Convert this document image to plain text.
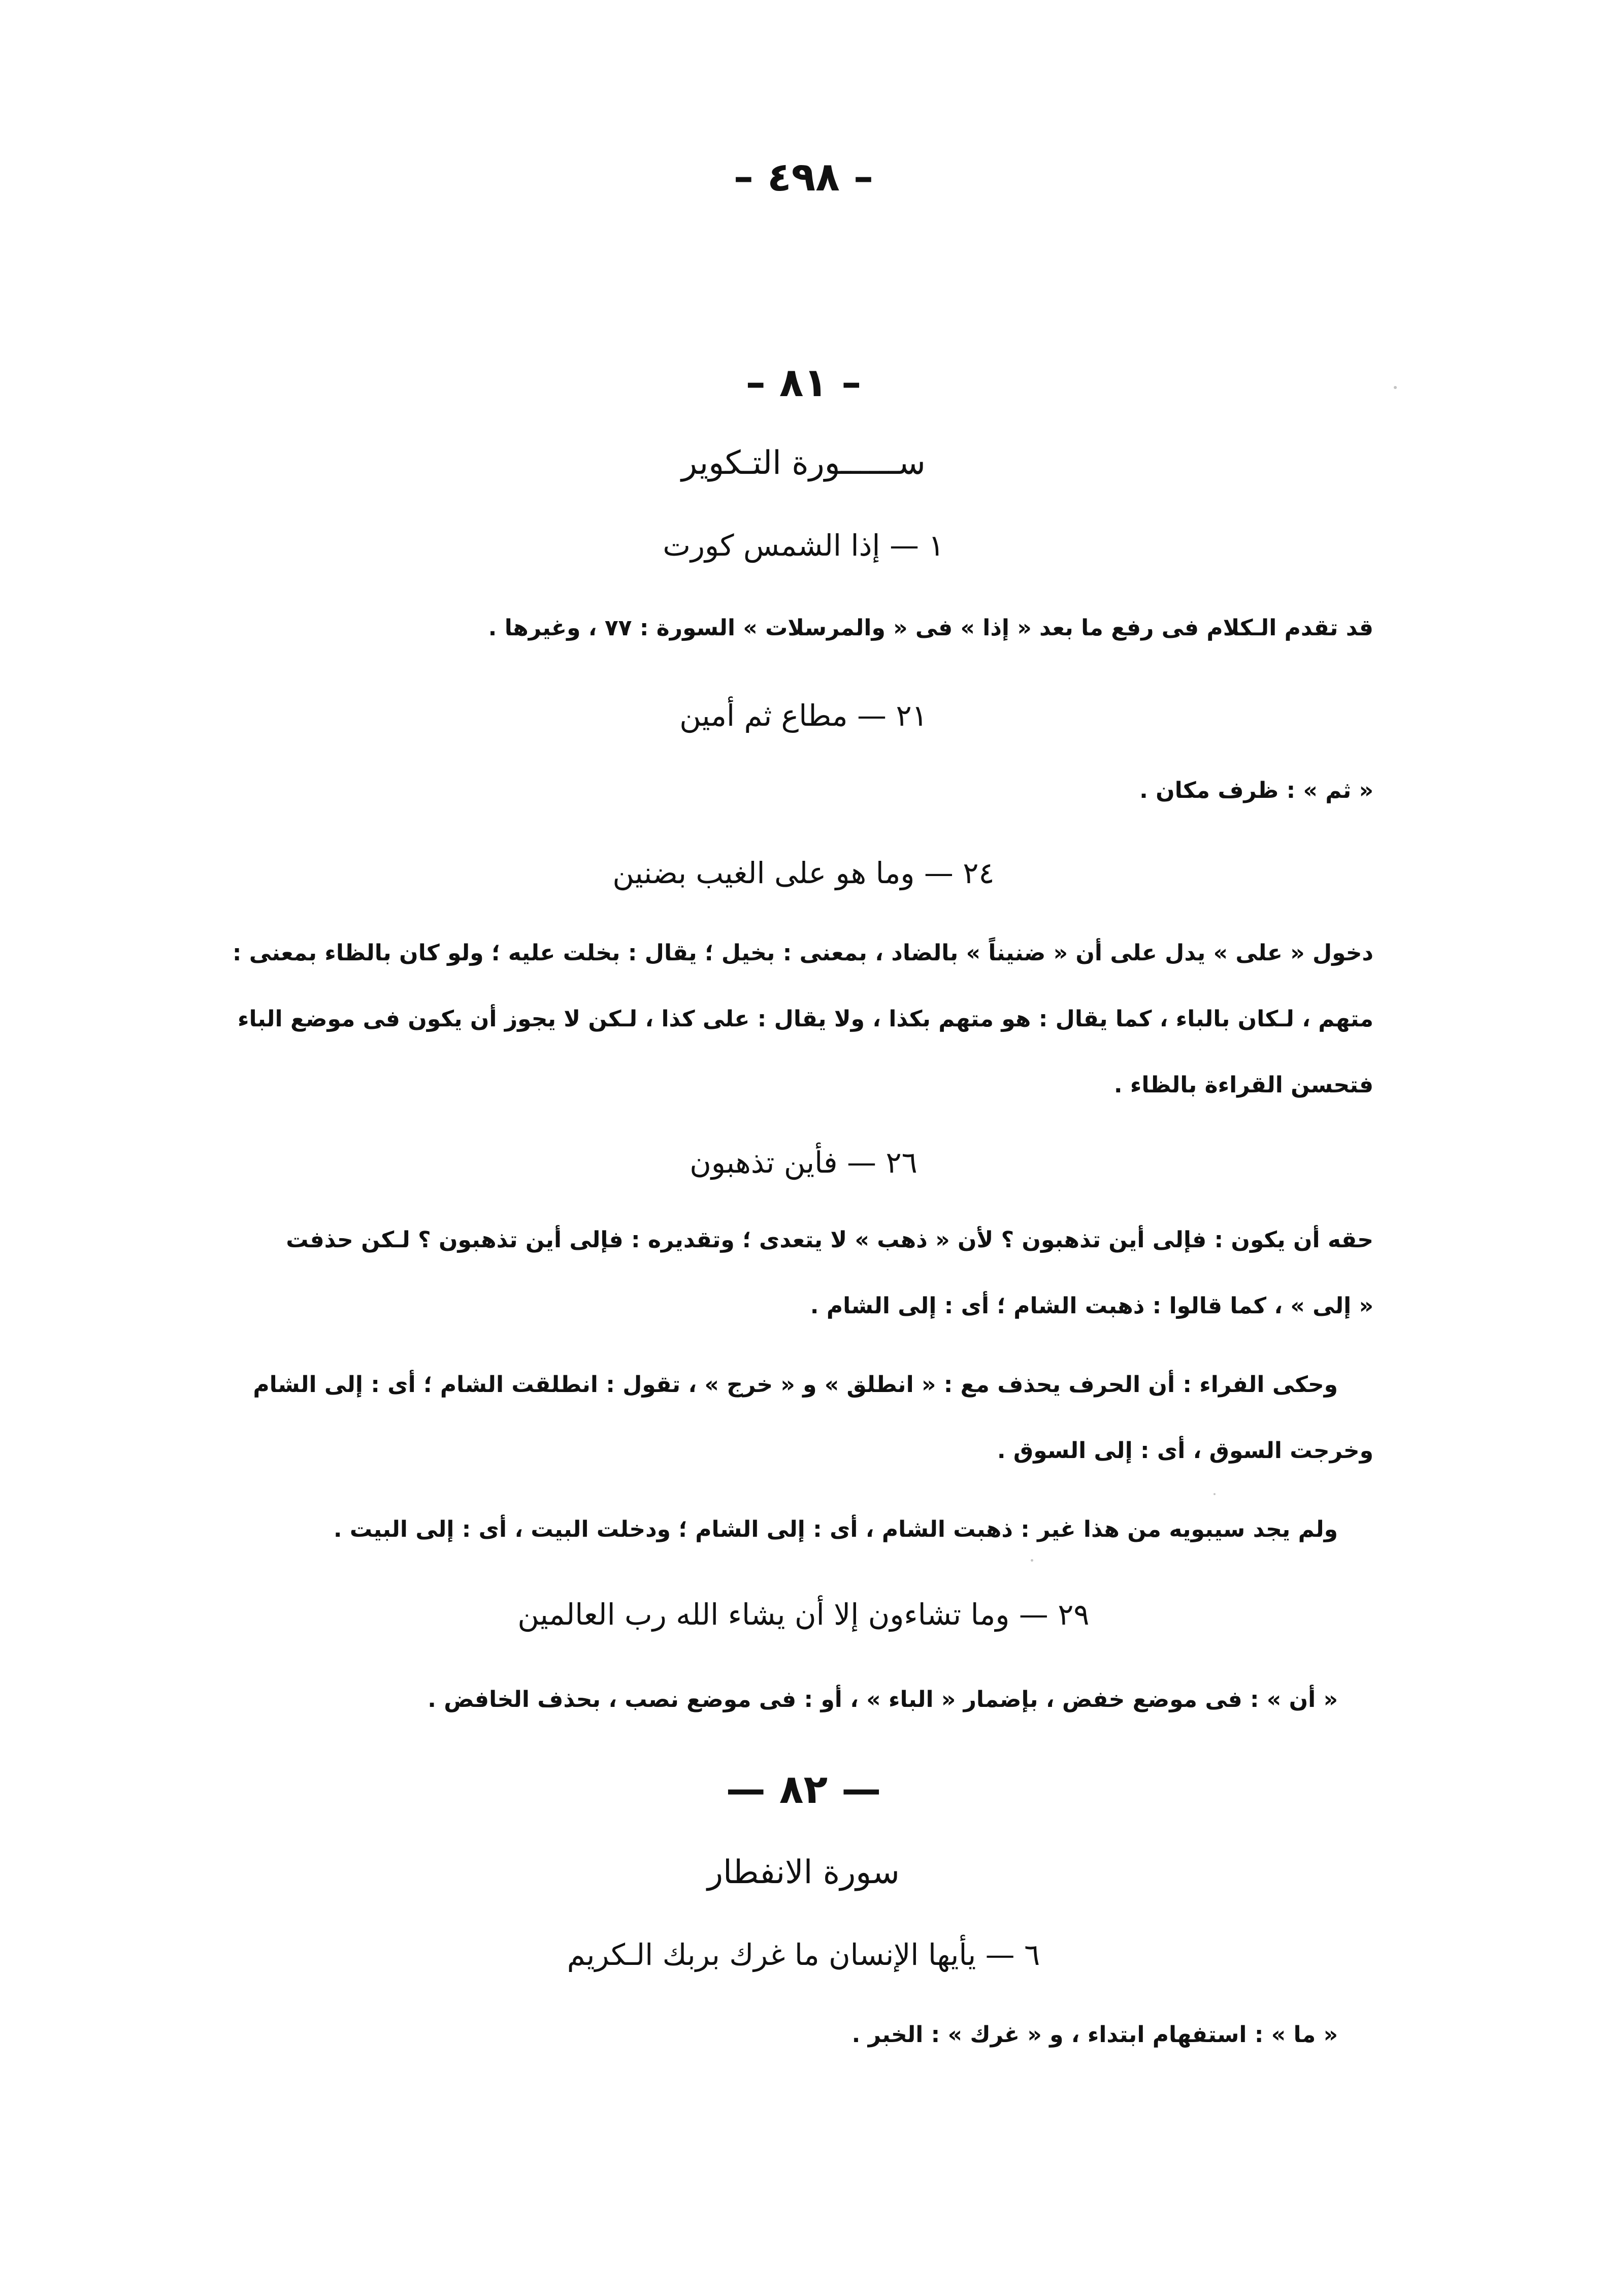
– ٤٩٨ –
– ٨١ –
ســــــورة التـكوير
١ — إذا الشمس كورت
قد تقدم الـكلام فى رفع ما بعد « إذا » فى « والمرسلات » السورة : ٧٧ ، وغيرها .
٢١ — مطاع ثم أمين
« ثم » : ظرف مكان .
٢٤ — وما هو على الغيب بضنين
دخول « على » يدل على أن « ضنيناً » بالضاد ، بمعنى : بخيل ؛ يقال : بخلت عليه ؛ ولو كان بالظاء بمعنى :
متهم ، لـكان بالباء ، كما يقال : هو متهم بكذا ، ولا يقال : على كذا ، لـكن لا يجوز أن يكون فى موضع الباء
فتحسن القراءة بالظاء .
٢٦ — فأين تذهبون
حقه أن يكون : فإلى أين تذهبون ؟ لأن « ذهب » لا يتعدى ؛ وتقديره : فإلى أين تذهبون ؟ لـكن حذفت
« إلى » ، كما قالوا : ذهبت الشام ؛ أى : إلى الشام .
وحكى الفراء : أن الحرف يحذف مع : « انطلق » و « خرج » ، تقول : انطلقت الشام ؛ أى : إلى الشام
وخرجت السوق ، أى : إلى السوق .
ولم يجد سيبويه من هذا غير : ذهبت الشام ، أى : إلى الشام ؛ ودخلت البيت ، أى : إلى البيت .
٢٩ — وما تشاءون إلا أن يشاء الله رب العالمين
« أن » : فى موضع خفض ، بإضمار « الباء » ، أو : فى موضع نصب ، بحذف الخافض .
— ٨٢ —
سورة الانفطار
٦ — يأيها الإنسان ما غرك بربك الـكريم
« ما » : استفهام ابتداء ، و « غرك » : الخبر .
